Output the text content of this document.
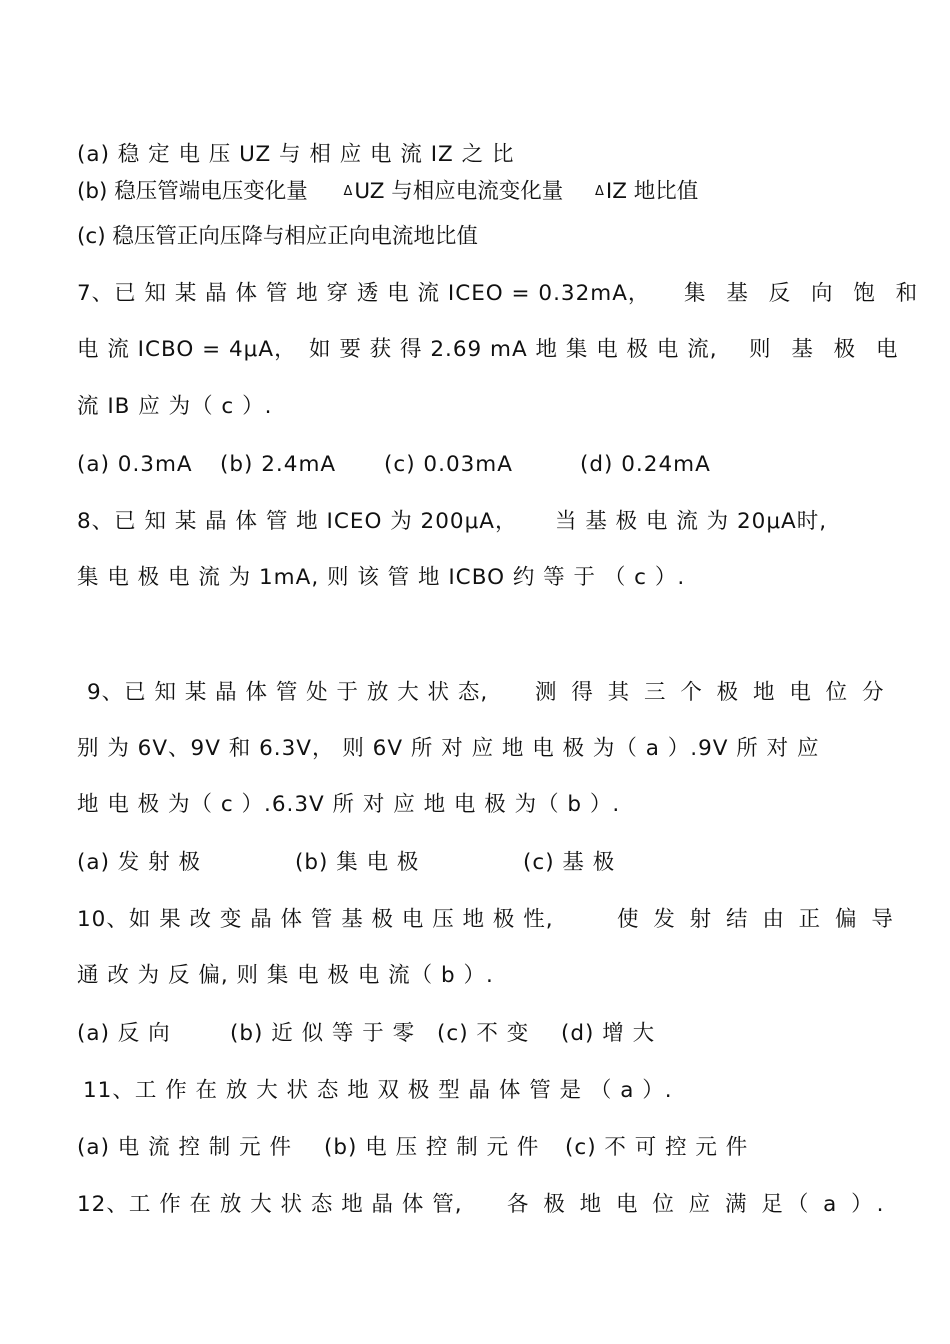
(a) 稳 定 电 压 UZ 与 相 应 电 流 IZ 之 比
(b) 稳压管端电压变化量	ΔUZ 与相应电流变化量 ΔIZ 地比值
(c) 稳压管正向压降与相应正向电流地比值
7、已 知 某 晶 体 管 地 穿 透 电 流 ICEO = 0.32mA， 集 基 反 向 饱 和
电 流 ICBO = 4μA， 如 要 获 得 2.69 mA 地 集 电 极 电 流, 则 基 极 电
流 IB 应 为（ c ）.
(a) 0.3mA (b) 2.4mA (c) 0.03mA	(d) 0.24mA
8、已 知 某 晶 体 管 地 ICEO 为 200μA， 当 基 极 电 流 为 20μA时,
集 电 极 电 流 为 1mA, 则 该 管 地 ICBO 约 等 于 （ c ）.
9、已 知 某 晶 体 管 处 于 放 大 状 态, 测 得 其 三 个 极 地 电 位 分
别 为 6V、9V 和 6.3V， 则 6V 所 对 应 地 电 极 为（ a ）.9V 所 对 应
地 电 极 为（ c ）.6.3V 所 对 应 地 电 极 为（ b ）.
(a) 发 射 极	(b) 集 电 极	(c) 基 极
10、如 果 改 变 晶 体 管 基 极 电 压 地 极 性,	使 发 射 结 由 正 偏 导
通 改 为 反 偏, 则 集 电 极 电 流（ b ）.
(a) 反 向	(b) 近 似 等 于 零 (c) 不 变 (d) 增 大
11、工 作 在 放 大 状 态 地 双 极 型 晶 体 管 是 （ a ）.
(a) 电 流 控 制 元 件 (b) 电 压 控 制 元 件 (c) 不 可 控 元 件
12、工 作 在 放 大 状 态 地 晶 体 管, 各 极 地 电 位 应 满 足（ a ）.
